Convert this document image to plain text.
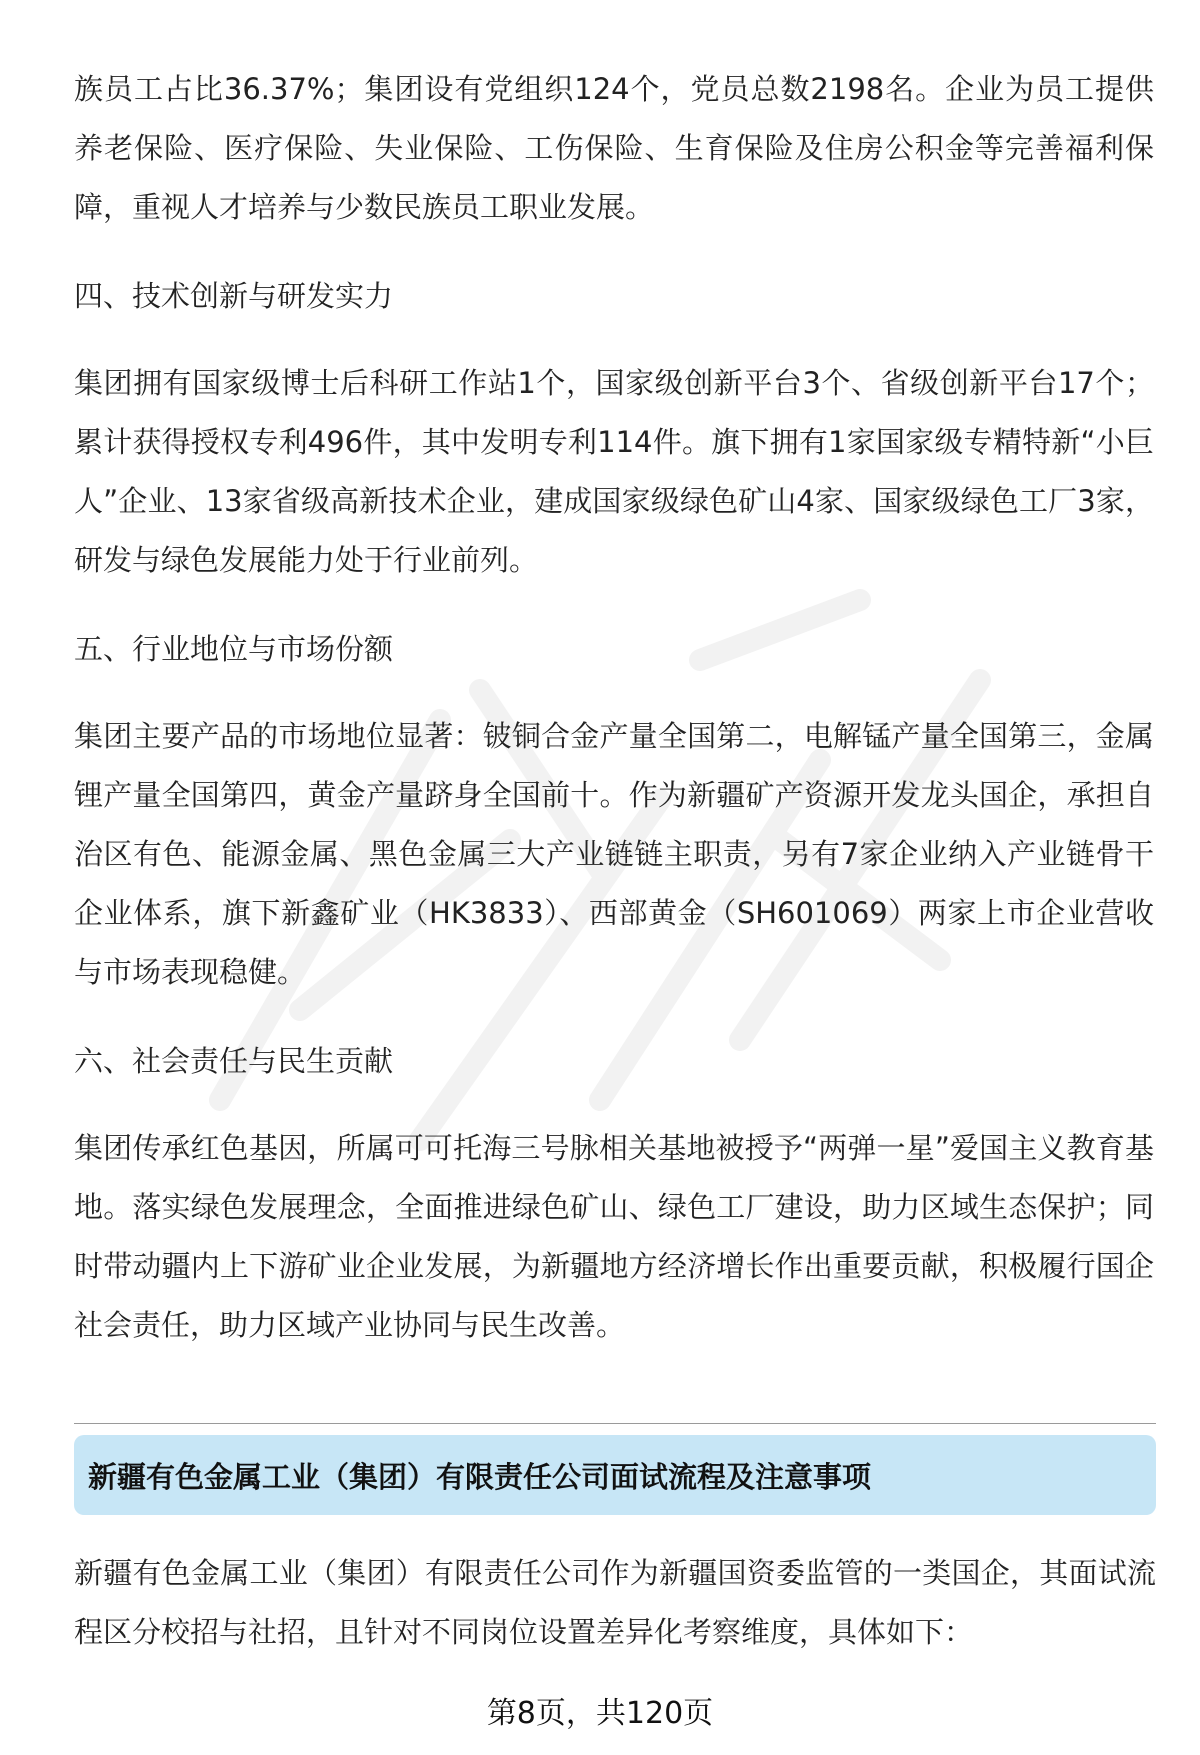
族员工占比36.37%；集团设有党组织124个，党员总数2198名。企业为员工提供养老保险、医疗保险、失业保险、工伤保险、生育保险及住房公积金等完善福利保障，重视人才培养与少数民族员工职业发展。

四、技术创新与研发实力

集团拥有国家级博士后科研工作站1个，国家级创新平台3个、省级创新平台17个；累计获得授权专利496件，其中发明专利114件。旗下拥有1家国家级专精特新“小巨人”企业、13家省级高新技术企业，建成国家级绿色矿山4家、国家级绿色工厂3家，研发与绿色发展能力处于行业前列。

五、行业地位与市场份额

集团主要产品的市场地位显著：铍铜合金产量全国第二，电解锰产量全国第三，金属锂产量全国第四，黄金产量跻身全国前十。作为新疆矿产资源开发龙头国企，承担自治区有色、能源金属、黑色金属三大产业链链主职责，另有7家企业纳入产业链骨干企业体系，旗下新鑫矿业（HK3833）、西部黄金（SH601069）两家上市企业营收与市场表现稳健。

六、社会责任与民生贡献

集团传承红色基因，所属可可托海三号脉相关基地被授予“两弹一星”爱国主义教育基地。落实绿色发展理念，全面推进绿色矿山、绿色工厂建设，助力区域生态保护；同时带动疆内上下游矿业企业发展，为新疆地方经济增长作出重要贡献，积极履行国企社会责任，助力区域产业协同与民生改善。

新疆有色金属工业（集团）有限责任公司面试流程及注意事项

新疆有色金属工业（集团）有限责任公司作为新疆国资委监管的一类国企，其面试流程区分校招与社招，且针对不同岗位设置差异化考察维度，具体如下：

第8页，共120页
